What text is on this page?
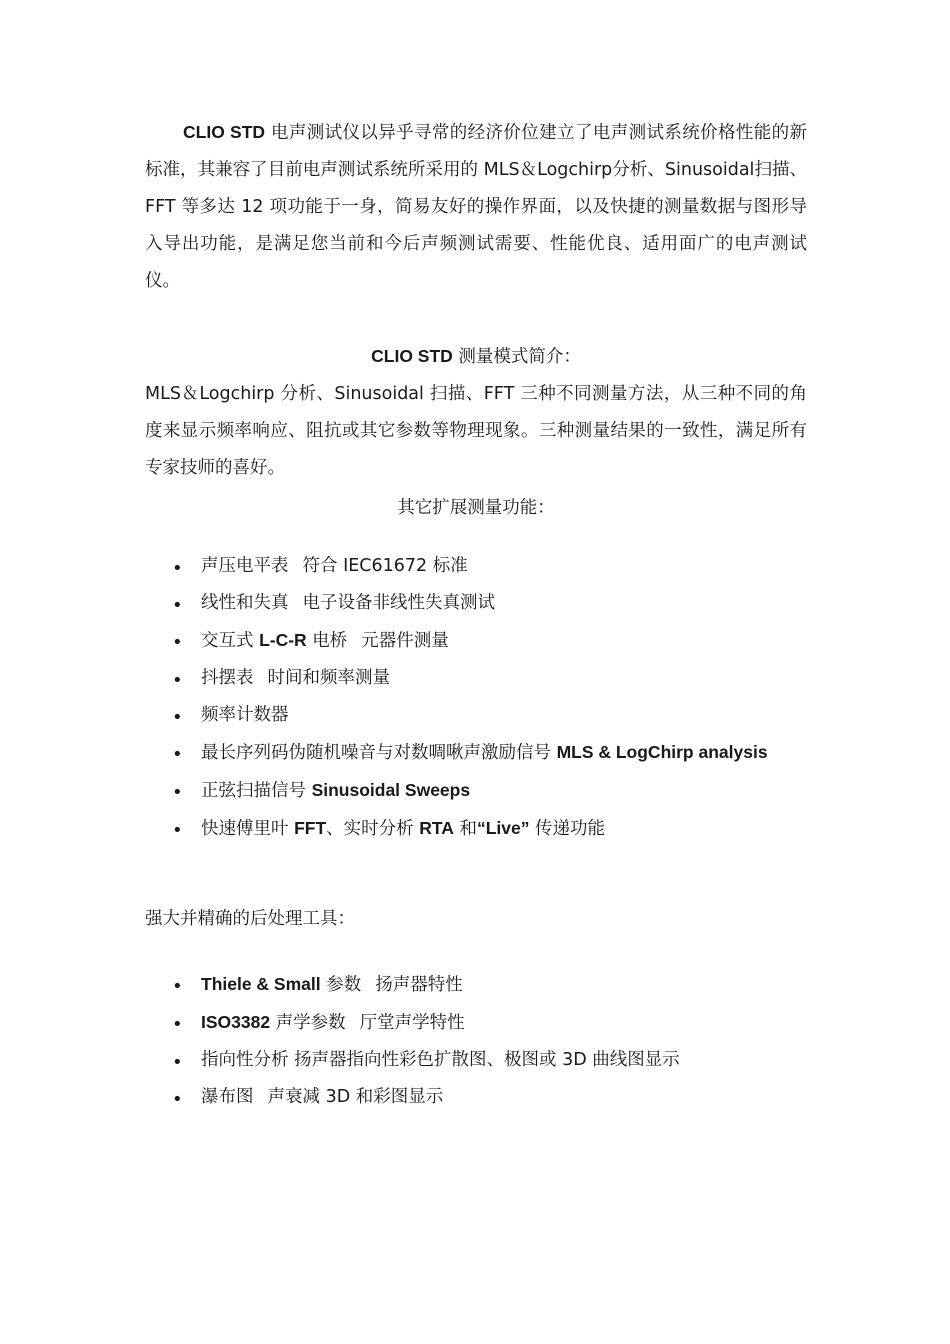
CLIO STD 电声测试仪以异乎寻常的经济价位建立了电声测试系统价格性能的新标准，其兼容了目前电声测试系统所采用的 MLS＆Logchirp分析、Sinusoidal扫描、FFT 等多达 12 项功能于一身，简易友好的操作界面，以及快捷的测量数据与图形导入导出功能，是满足您当前和今后声频测试需要、性能优良、适用面广的电声测试仪。

CLIO STD 测量模式简介：

MLS＆Logchirp 分析、Sinusoidal 扫描、FFT 三种不同测量方法，从三种不同的角度来显示频率响应、阻抗或其它参数等物理现象。三种测量结果的一致性，满足所有专家技师的喜好。

其它扩展测量功能：

• 声压电平表 符合 IEC61672 标准
• 线性和失真 电子设备非线性失真测试
• 交互式 L-C-R 电桥 元器件测量
• 抖摆表 时间和频率测量
• 频率计数器
• 最长序列码伪随机噪音与对数啁啾声激励信号 MLS & LogChirp analysis
• 正弦扫描信号 Sinusoidal Sweeps
• 快速傅里叶 FFT、实时分析 RTA 和“Live” 传递功能

强大并精确的后处理工具：

• Thiele & Small 参数 扬声器特性
• ISO3382 声学参数 厅堂声学特性
• 指向性分析 扬声器指向性彩色扩散图、极图或 3D 曲线图显示
• 瀑布图 声衰减 3D 和彩图显示
